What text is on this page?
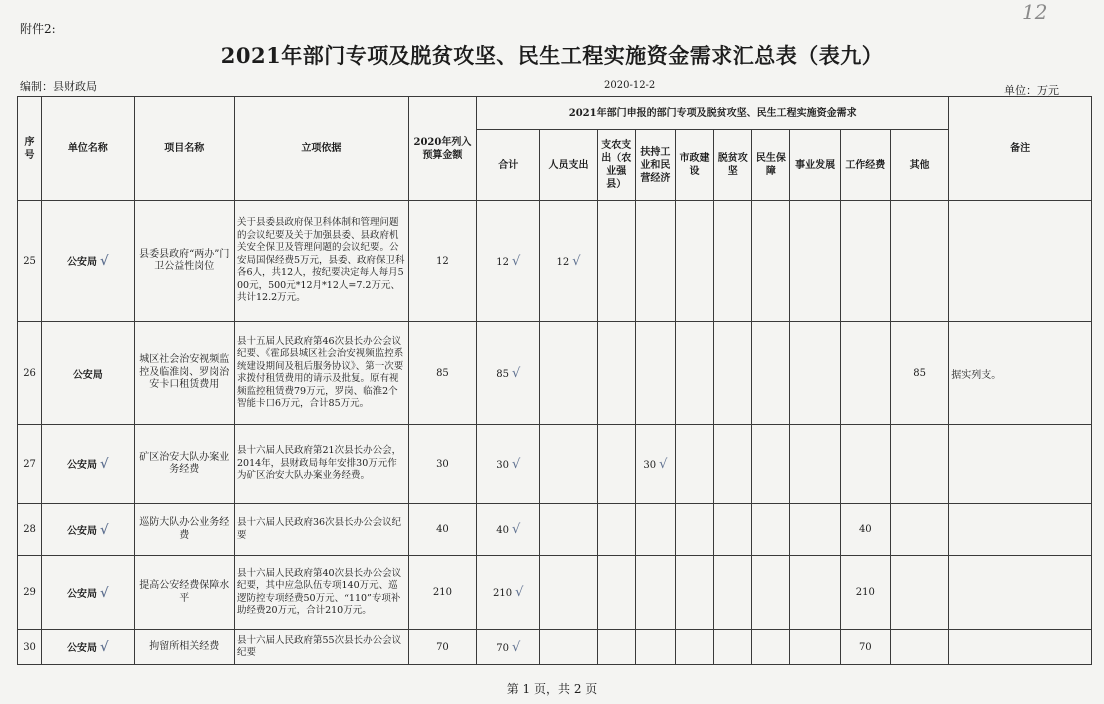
附件2:
12
2021年部门专项及脱贫攻坚、民生工程实施资金需求汇总表（表九）
编制：县财政局	2020-12-2	单位：万元
序号	单位名称	项目名称	立项依据	2020年列入预算金额	2021年部门申报的部门专项及脱贫攻坚、民生工程实施资金需求										备注
					合计	人员支出	支农支出（农业强县）	扶持工业和民营经济	市政建设	脱贫攻坚	民生保障	事业发展	工作经费	其他	
25	公安局 √	县委县政府“两办”门卫公益性岗位	关于县委县政府保卫科体制和管理问题的会议纪要及关于加强县委、县政府机关安全保卫及管理问题的会议纪要。公安局国保经费5万元，县委、政府保卫科各6人，共12人，按纪要决定每人每月500元，500元*12月*12人=7.2万元、共计12.2万元。	12	12 √	12 √									
26	公安局	城区社会治安视频监控及临淮岗、罗岗治安卡口租赁费用	县十五届人民政府第46次县长办公会议纪要、《霍邱县城区社会治安视频监控系统建设期间及租后服务协议》、第一次要求拨付租赁费用的请示及批复。原有视频监控租赁费79万元，罗岗、临淮2个智能卡口6万元，合计85万元。	85	85 √									85	据实列支。
27	公安局 √	矿区治安大队办案业务经费	县十六届人民政府第21次县长办公会，2014年，县财政局每年安排30万元作为矿区治安大队办案业务经费。	30	30 √			30 √							
28	公安局 √	巡防大队办公业务经费	县十六届人民政府36次县长办公会议纪要	40	40 √								40		
29	公安局 √	提高公安经费保障水平	县十六届人民政府第40次县长办公会议纪要，其中应急队伍专项140万元、巡逻防控专项经费50万元、“110”专项补助经费20万元，合计210万元。	210	210 √								210		
30	公安局 √	拘留所相关经费	县十六届人民政府第55次县长办公会议纪要	70	70 √								70		
第 1 页，共 2 页
